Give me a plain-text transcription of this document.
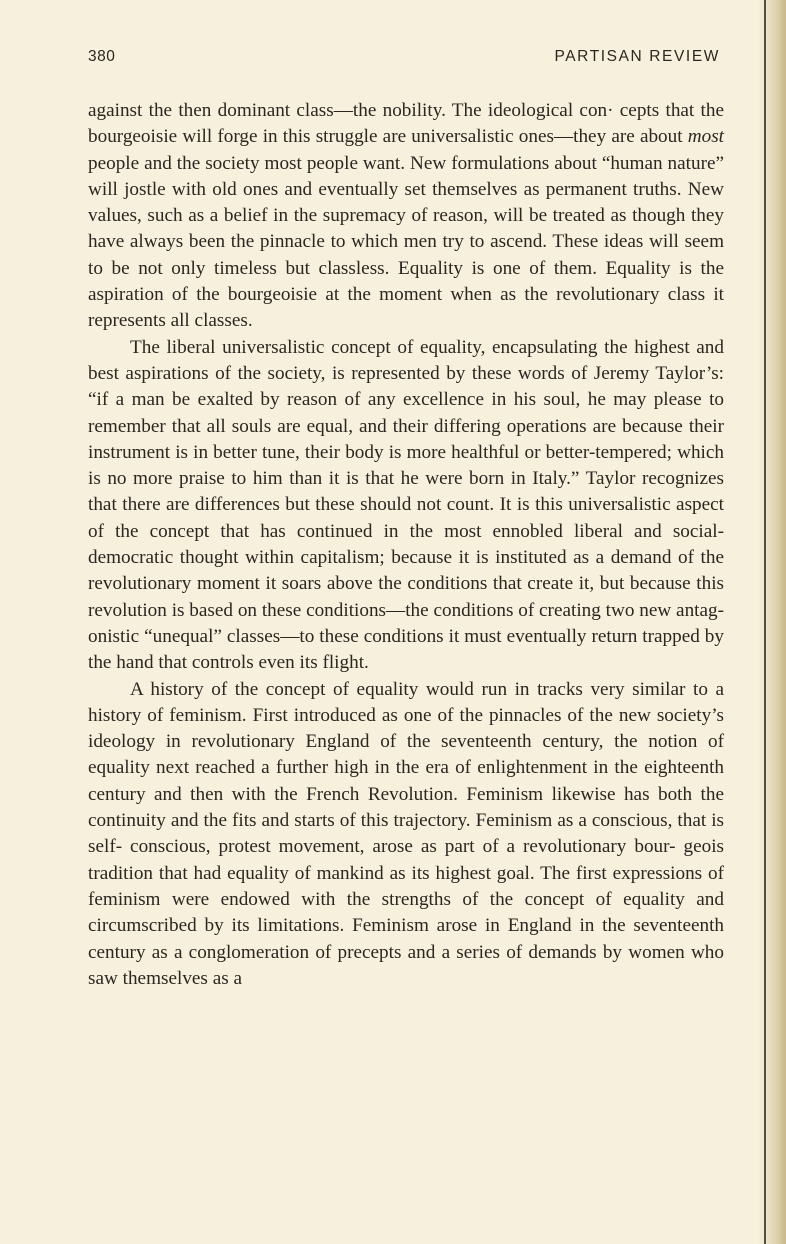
380	PARTISAN REVIEW

against the then dominant class—the nobility. The ideological con· cepts that the bourgeoisie will forge in this struggle are universalistic ones—they are about most people and the society most people want. New formulations about “human nature” will jostle with old ones and eventually set themselves as permanent truths. New values, such as a belief in the supremacy of reason, will be treated as though they have always been the pinnacle to which men try to ascend. These ideas will seem to be not only timeless but classless. Equality is one of them. Equality is the aspiration of the bourgeoisie at the moment when as the revolutionary class it represents all classes.

The liberal universalistic concept of equality, encapsulating the highest and best aspirations of the society, is represented by these words of Jeremy Taylor’s: “if a man be exalted by reason of any excellence in his soul, he may please to remember that all souls are equal, and their differing operations are because their instrument is in better tune, their body is more healthful or better-tempered; which is no more praise to him than it is that he were born in Italy.” Taylor recognizes that there are differences but these should not count. It is this universalistic aspect of the concept that has continued in the most ennobled liberal and social-democratic thought within capitalism; because it is instituted as a demand of the revolutionary moment it soars above the conditions that create it, but because this revolution is based on these conditions—the conditions of creating two new antag- onistic “unequal” classes—to these conditions it must eventually return trapped by the hand that controls even its flight.

A history of the concept of equality would run in tracks very similar to a history of feminism. First introduced as one of the pinnacles of the new society’s ideology in revolutionary England of the seventeenth century, the notion of equality next reached a further high in the era of enlightenment in the eighteenth century and then with the French Revolution. Feminism likewise has both the continuity and the fits and starts of this trajectory. Feminism as a conscious, that is self- conscious, protest movement, arose as part of a revolutionary bour- geois tradition that had equality of mankind as its highest goal. The first expressions of feminism were endowed with the strengths of the concept of equality and circumscribed by its limitations. Feminism arose in England in the seventeenth century as a conglomeration of precepts and a series of demands by women who saw themselves as a
